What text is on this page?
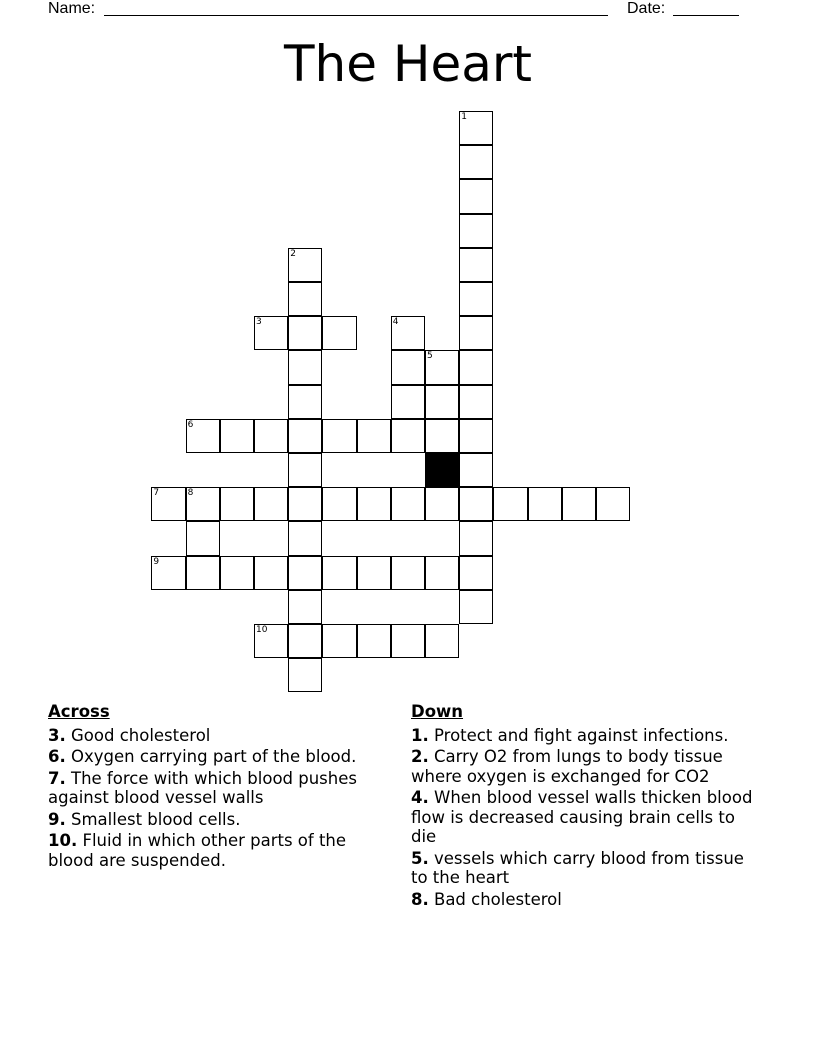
Name:	Date:
The Heart
1
2
3	4
5
6
7	8
9
10
Across
3. Good cholesterol
6. Oxygen carrying part of the blood.
7. The force with which blood pushes against blood vessel walls
9. Smallest blood cells.
10. Fluid in which other parts of the blood are suspended.
Down
1. Protect and fight against infections.
2. Carry O2 from lungs to body tissue where oxygen is exchanged for CO2
4. When blood vessel walls thicken blood flow is decreased causing brain cells to die
5. vessels which carry blood from tissue to the heart
8. Bad cholesterol
